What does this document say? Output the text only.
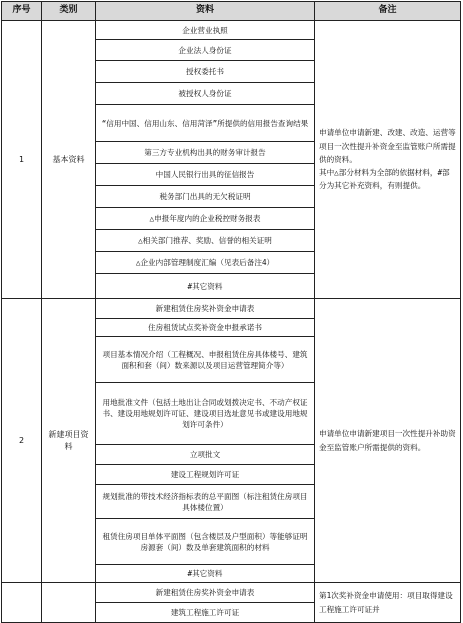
序号	类别	资料	备注
1	基本资料	企业营业执照	申请单位申请新建、改建、改造、运营等项目一次性提升补资金至监管账户所需提供的资料。

其中△部分材料为全部的依据材料，#部分为其它补充资料，有则提供。

		企业法人身份证	
		授权委托书	
		被授权人身份证	
		“信用中国、信用山东、信用菏泽”所提供的信用报告查询结果	
		第三方专业机构出具的财务审计报告	
		中国人民银行出具的征信报告	
		税务部门出具的无欠税证明	
		△申报年度内的企业税控财务报表	
		△相关部门推荐、奖励、信誉的相关证明	
		△企业内部管理制度汇编（见表后备注4）	
		#其它资料	
2	新建项目资料	新建租赁住房奖补资金申请表	申请单位申请新建项目一次性提升补助资金至监管账户所需提供的资料。

		住房租赁试点奖补资金申报承诺书	
		项目基本情况介绍（工程概况、申报租赁住房具体楼号、建筑面积和套（间）数来源以及项目运营管理简介等）	
		用地批准文件（包括土地出让合同或划拨决定书、不动产权证书、建设用地规划许可证、建设项目选址意见书或建设用地规划许可条件）	
		立项批文	
		建设工程规划许可证	
		规划批准的带技术经济指标表的总平面图（标注租赁住房项目具体楼位置）	
		租赁住房项目单体平面图（包含楼层及户型面积）等能够证明房源套（间）数及单套建筑面积的材料	
		#其它资料	
		新建租赁住房奖补资金申请表	第1次奖补资金申请使用：项目取得建设工程施工许可证并

		建筑工程施工许可证	
